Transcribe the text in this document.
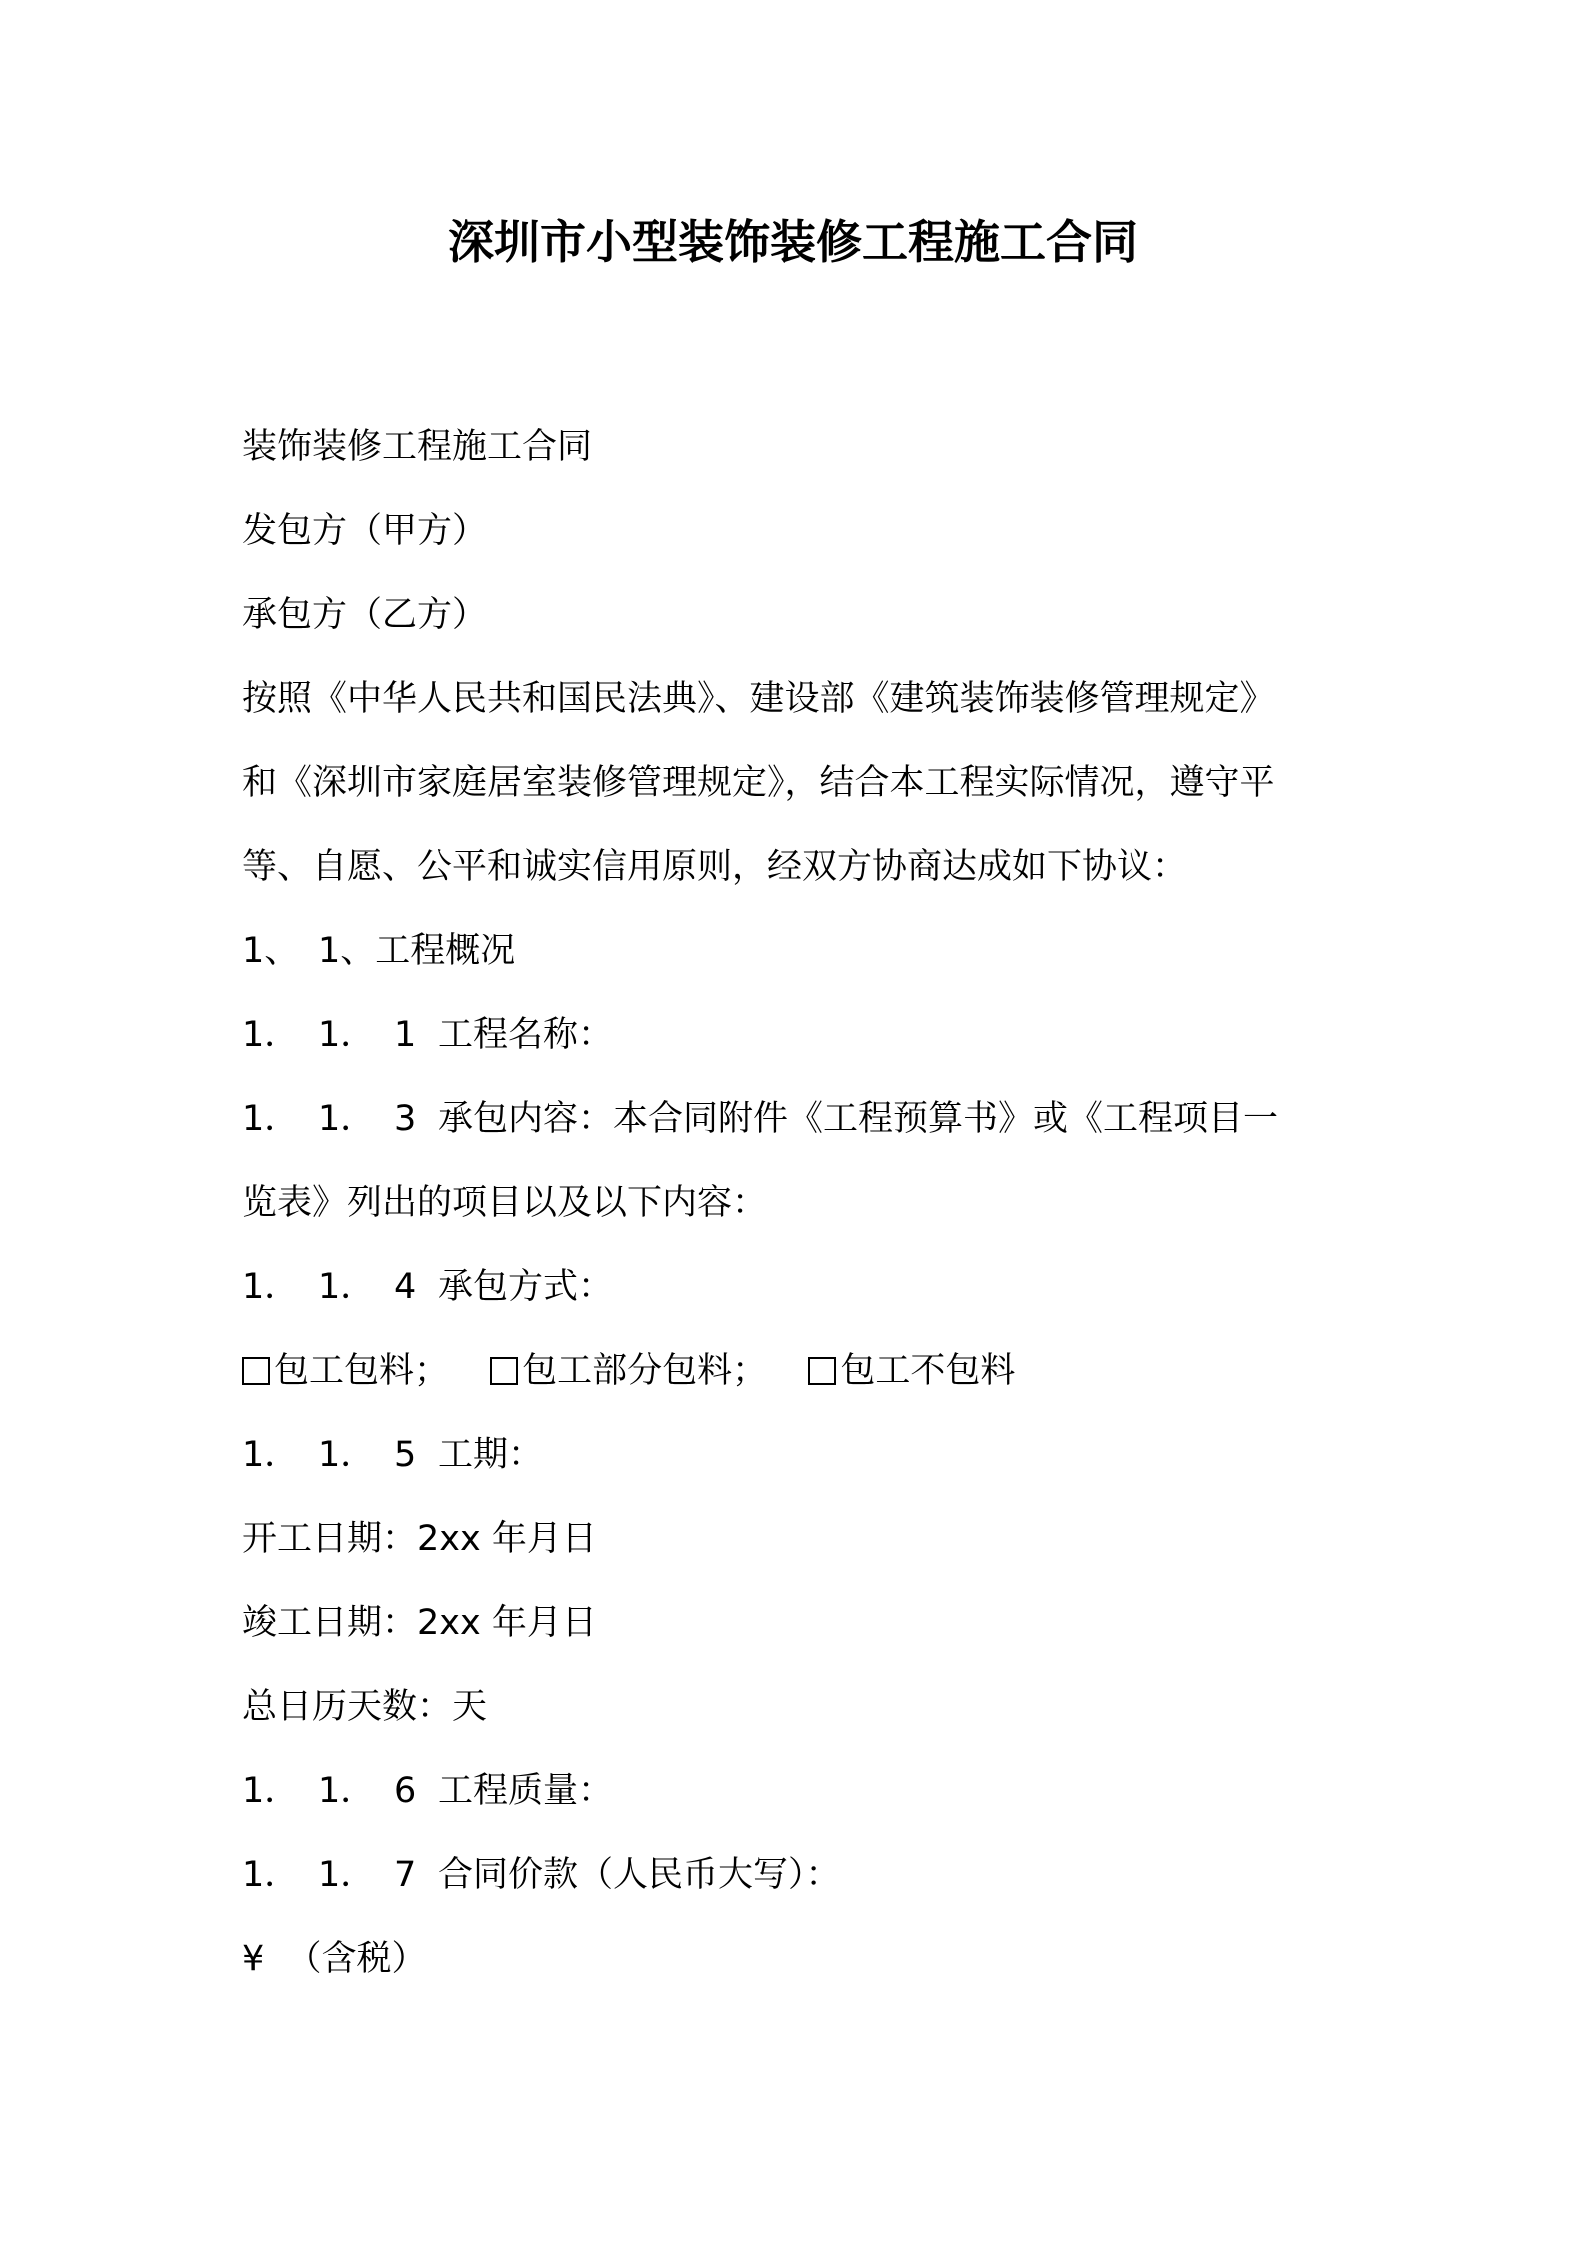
深圳市小型装饰装修工程施工合同
装饰装修工程施工合同
发包方（甲方）
承包方（乙方）
按照《中华人民共和国民法典》、建设部《建筑装饰装修管理规定》
和《深圳市家庭居室装修管理规定》，结合本工程实际情况，遵守平
等、自愿、公平和诚实信用原则，经双方协商达成如下协议：
1、 1、工程概况
1． 1． 1 工程名称：
1． 1． 3 承包内容：本合同附件《工程预算书》或《工程项目一
览表》列出的项目以及以下内容：
1． 1． 4 承包方式：
包工包料； 包工部分包料； 包工不包料
1． 1． 5 工期：
开工日期：2xx 年月日
竣工日期：2xx 年月日
总日历天数：天
1． 1． 6 工程质量：
1． 1． 7 合同价款（人民币大写）：
¥  （含税）
